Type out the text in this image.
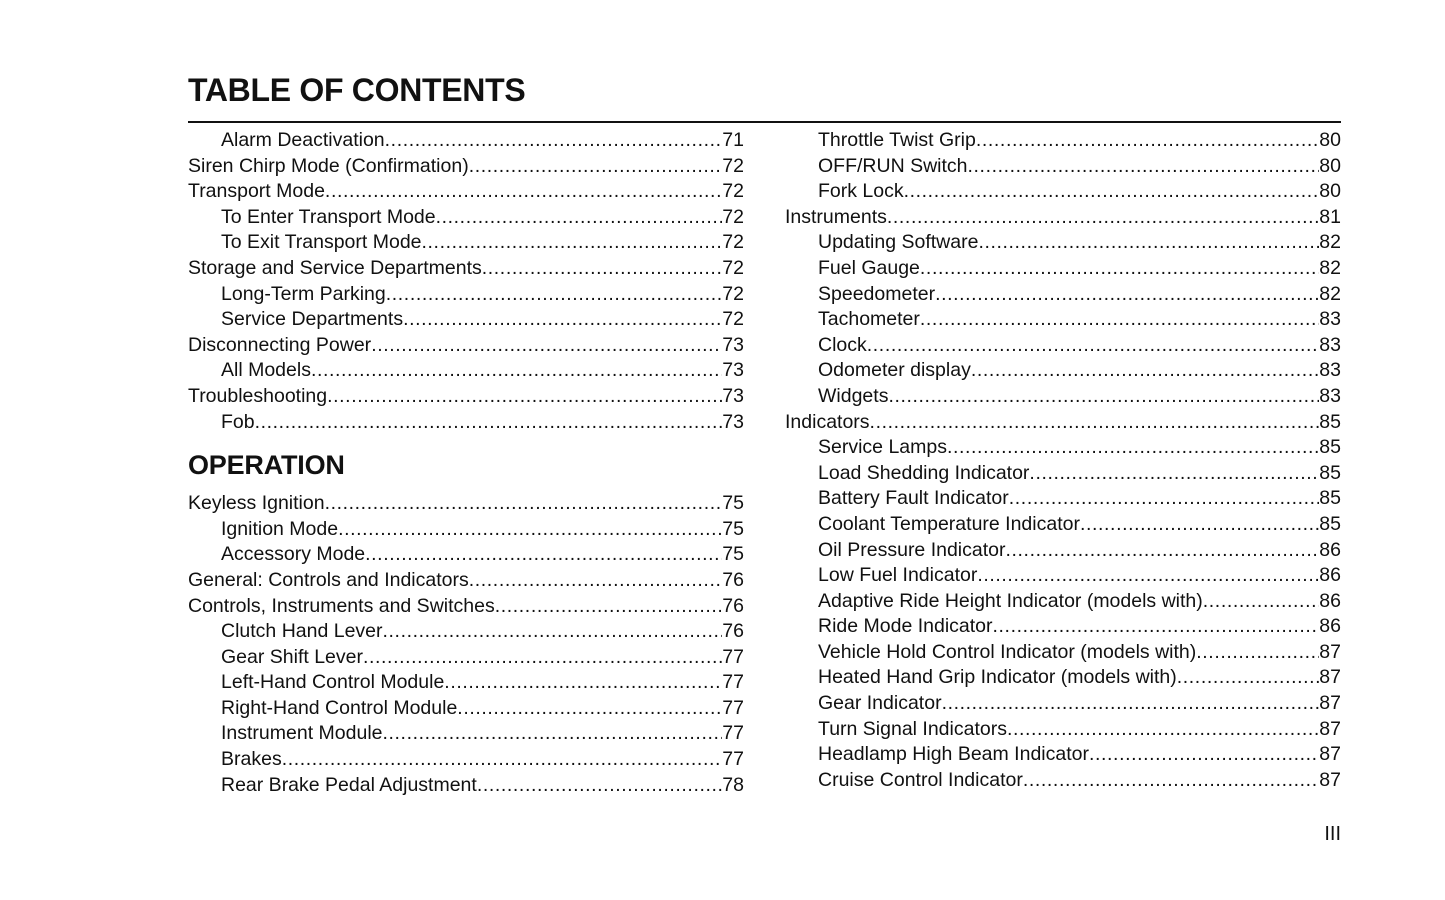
TABLE OF CONTENTS
Alarm Deactivation .....	71
Siren Chirp Mode (Confirmation) .....	72
Transport Mode .....	72
To Enter Transport Mode .....	72
To Exit Transport Mode .....	72
Storage and Service Departments .....	72
Long-Term Parking .....	72
Service Departments .....	72
Disconnecting Power .....	73
All Models .....	73
Troubleshooting .....	73
Fob .....	73
OPERATION
Keyless Ignition .....	75
Ignition Mode .....	75
Accessory Mode .....	75
General: Controls and Indicators .....	76
Controls, Instruments and Switches .....	76
Clutch Hand Lever .....	76
Gear Shift Lever .....	77
Left-Hand Control Module .....	77
Right-Hand Control Module .....	77
Instrument Module .....	77
Brakes .....	77
Rear Brake Pedal Adjustment .....	78
Throttle Twist Grip .....	80
OFF/RUN Switch .....	80
Fork Lock .....	80
Instruments .....	81
Updating Software .....	82
Fuel Gauge .....	82
Speedometer .....	82
Tachometer .....	83
Clock .....	83
Odometer display .....	83
Widgets .....	83
Indicators .....	85
Service Lamps .....	85
Load Shedding Indicator .....	85
Battery Fault Indicator .....	85
Coolant Temperature Indicator .....	85
Oil Pressure Indicator .....	86
Low Fuel Indicator .....	86
Adaptive Ride Height Indicator (models with) .....	86
Ride Mode Indicator .....	86
Vehicle Hold Control Indicator (models with) .....	87
Heated Hand Grip Indicator (models with) .....	87
Gear Indicator .....	87
Turn Signal Indicators .....	87
Headlamp High Beam Indicator .....	87
Cruise Control Indicator .....	87
III
